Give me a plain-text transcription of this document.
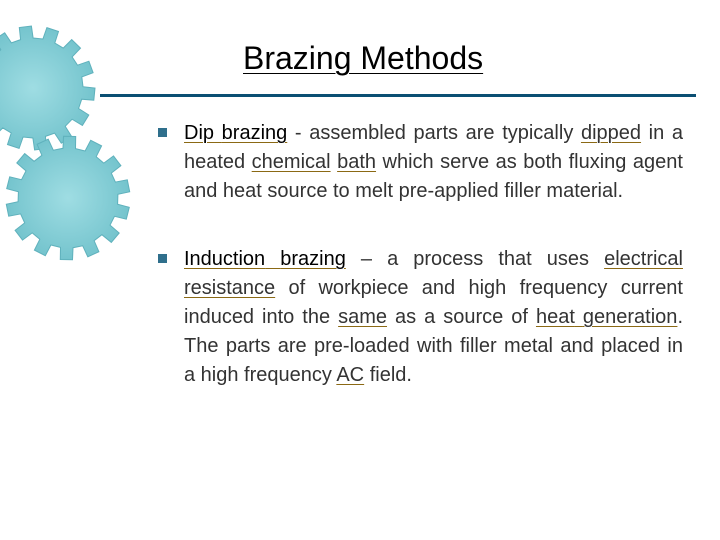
Brazing Methods
Dip brazing - assembled parts are typically dipped in a heated chemical bath which serve as both fluxing agent and heat source to melt pre-applied filler material.
Induction brazing – a process that uses electrical resistance of workpiece and high frequency current induced into the same as a source of heat generation. The parts are pre-loaded with filler metal and placed in a high frequency AC field.
